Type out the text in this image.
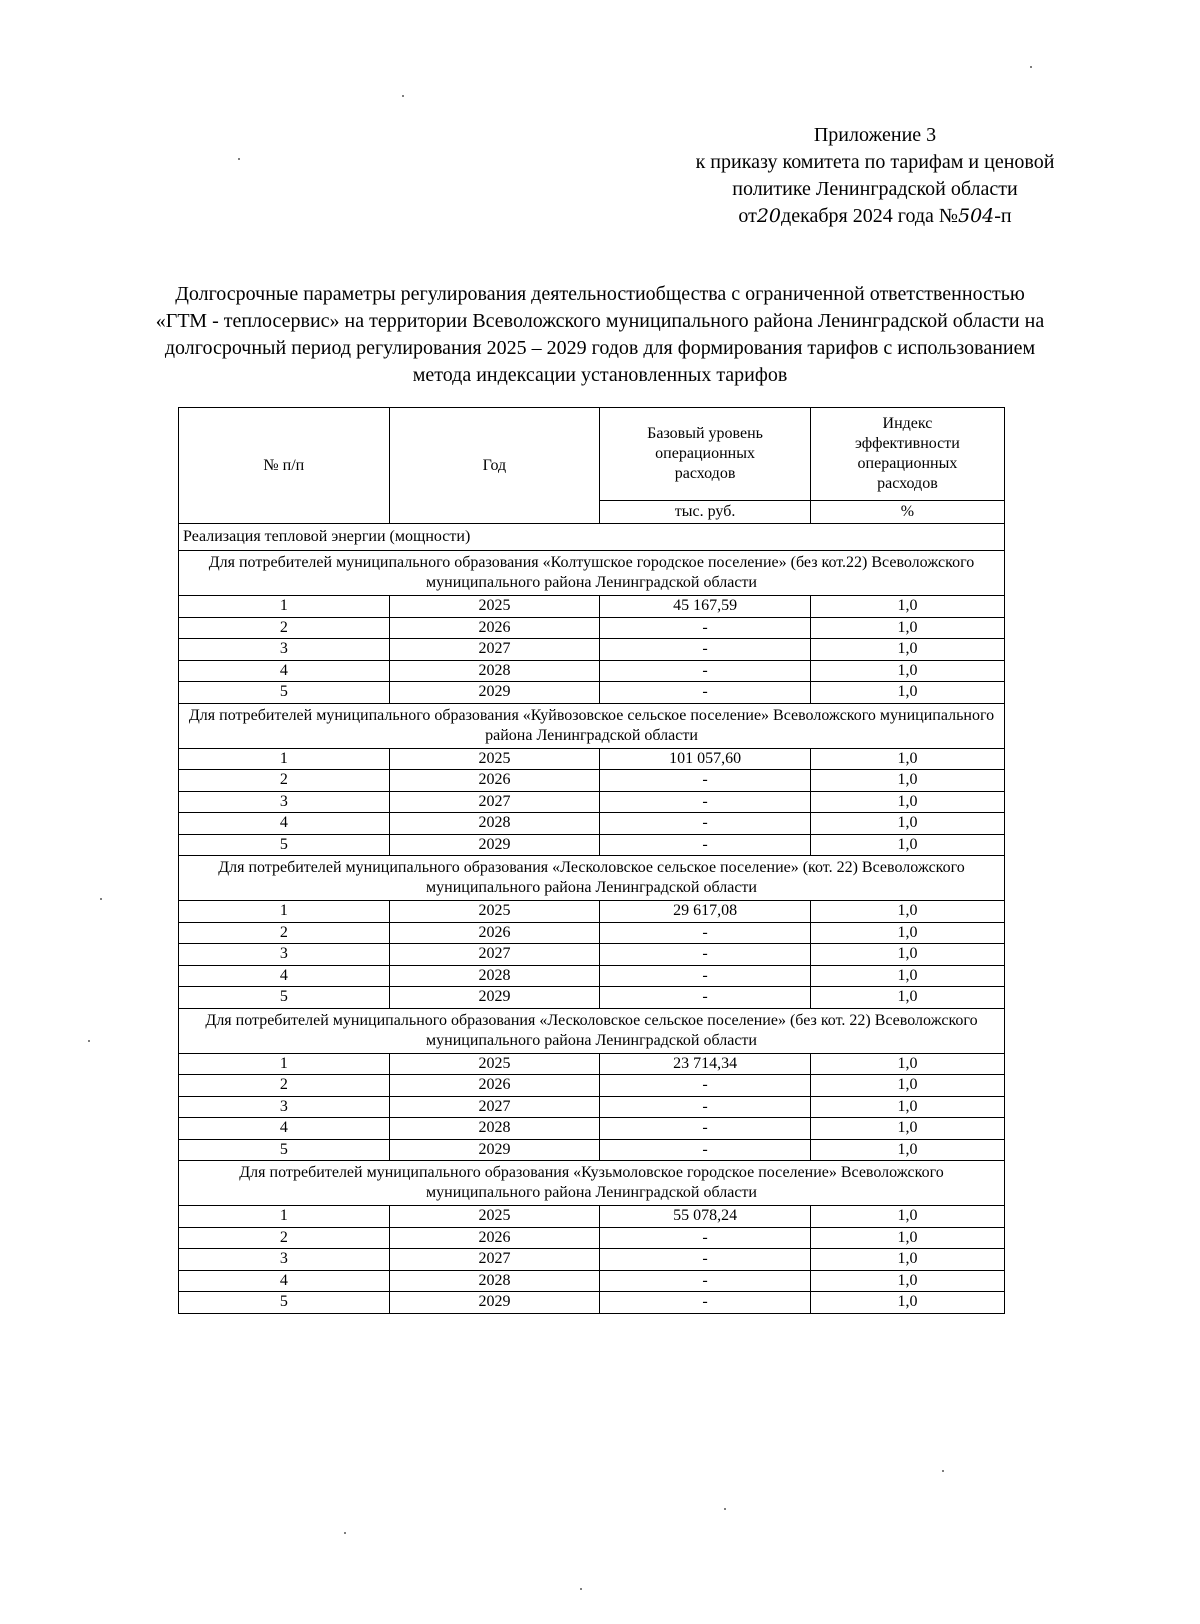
Приложение 3
к приказу комитета по тарифам и ценовой
политике Ленинградской области
от20декабря 2024 года №504-п
Долгосрочные параметры регулирования деятельностиобщества с ограниченной ответственностью
«ГТМ - теплосервис» на территории Всеволожского муниципального района Ленинградской области на
долгосрочный период регулирования 2025 – 2029 годов для формирования тарифов с использованием
метода индексации установленных тарифов
№ п/п	Год	Базовый уровень операционных расходов	Индекс эффективности операционных расходов

		тыс. руб.	%
Реализация тепловой энергии (мощности)			
Для потребителей муниципального образования «Колтушское городское поселение» (без кот.22) Всеволожского муниципального района Ленинградской области			
1	2025	45 167,59	1,0
2	2026	-	1,0
3	2027	-	1,0
4	2028	-	1,0
5	2029	-	1,0
Для потребителей муниципального образования «Куйвозовское сельское поселение» Всеволожского муниципального района Ленинградской области			
1	2025	101 057,60	1,0
2	2026	-	1,0
3	2027	-	1,0
4	2028	-	1,0
5	2029	-	1,0
Для потребителей муниципального образования «Лесколовское сельское поселение» (кот. 22) Всеволожского муниципального района Ленинградской области			
1	2025	29 617,08	1,0
2	2026	-	1,0
3	2027	-	1,0
4	2028	-	1,0
5	2029	-	1,0
Для потребителей муниципального образования «Лесколовское сельское поселение» (без кот. 22) Всеволожского муниципального района Ленинградской области			
1	2025	23 714,34	1,0
2	2026	-	1,0
3	2027	-	1,0
4	2028	-	1,0
5	2029	-	1,0
Для потребителей муниципального образования «Кузьмоловское городское поселение» Всеволожского муниципального района Ленинградской области			
1	2025	55 078,24	1,0
2	2026	-	1,0
3	2027	-	1,0
4	2028	-	1,0
5	2029	-	1,0
